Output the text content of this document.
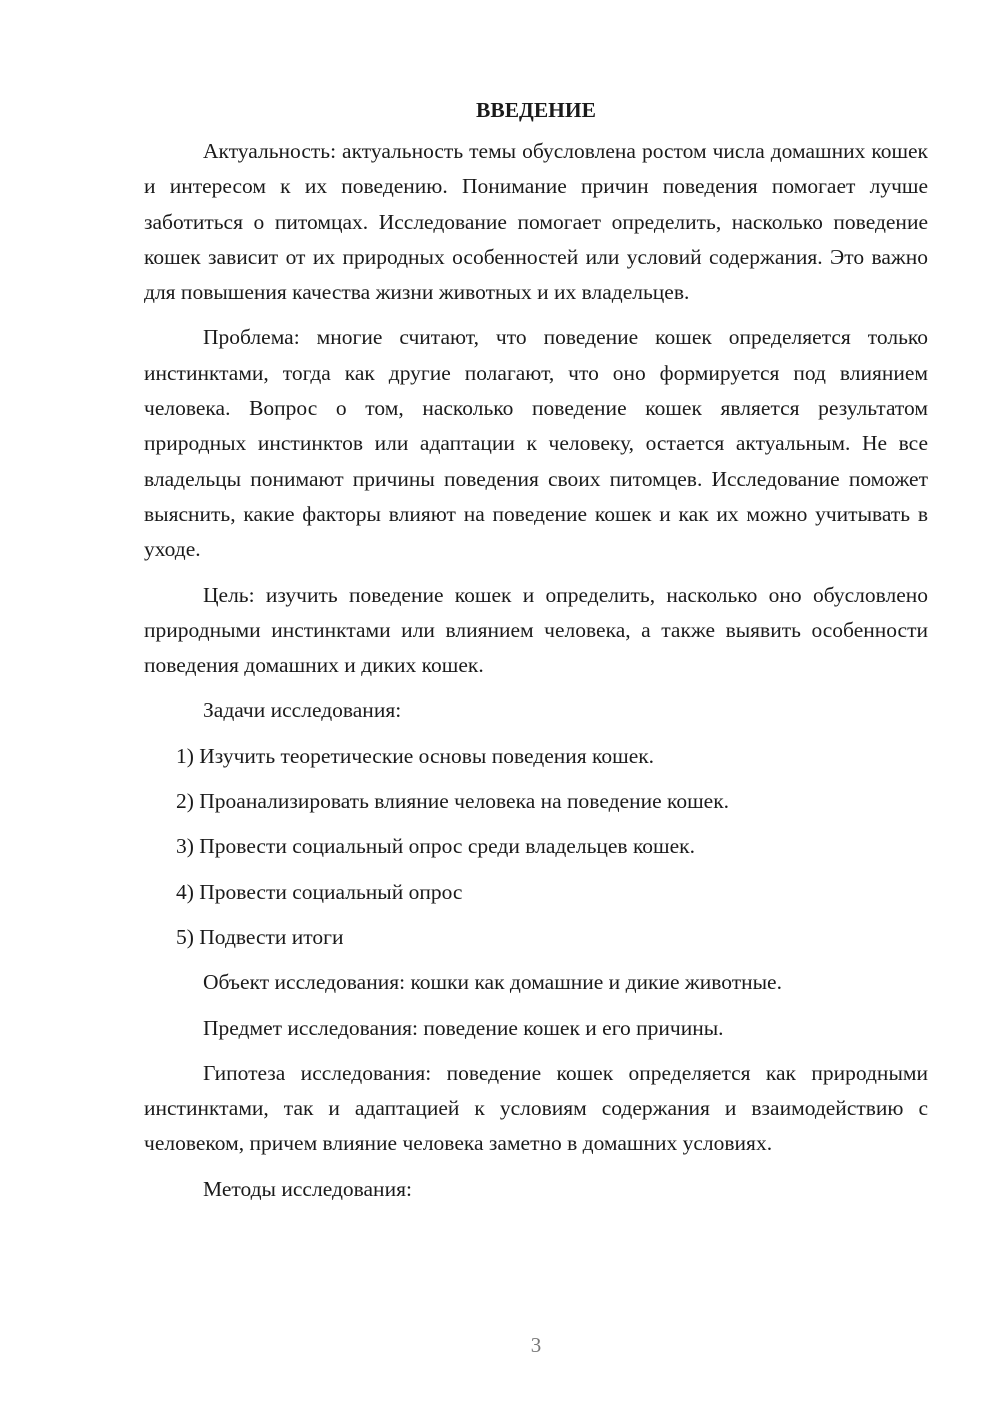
ВВЕДЕНИЕ

Актуальность: актуальность темы обусловлена ростом числа домашних кошек и интересом к их поведению. Понимание причин поведения помогает лучше заботиться о питомцах. Исследование помогает определить, насколько поведение кошек зависит от их природных особенностей или условий содержания. Это важно для повышения качества жизни животных и их владельцев.

Проблема: многие считают, что поведение кошек определяется только инстинктами, тогда как другие полагают, что оно формируется под влиянием человека. Вопрос о том, насколько поведение кошек является результатом природных инстинктов или адаптации к человеку, остается актуальным. Не все владельцы понимают причины поведения своих питомцев. Исследование поможет выяснить, какие факторы влияют на поведение кошек и как их можно учитывать в уходе.

Цель: изучить поведение кошек и определить, насколько оно обусловлено природными инстинктами или влиянием человека, а также выявить особенности поведения домашних и диких кошек.

Задачи исследования:

1) Изучить теоретические основы поведения кошек.
2) Проанализировать влияние человека на поведение кошек.
3) Провести социальный опрос среди владельцев кошек.
4) Провести социальный опрос
5) Подвести итоги

Объект исследования: кошки как домашние и дикие животные.

Предмет исследования: поведение кошек и его причины.

Гипотеза исследования: поведение кошек определяется как природными инстинктами, так и адаптацией к условиям содержания и взаимодействию с человеком, причем влияние человека заметно в домашних условиях.

Методы исследования:

3
